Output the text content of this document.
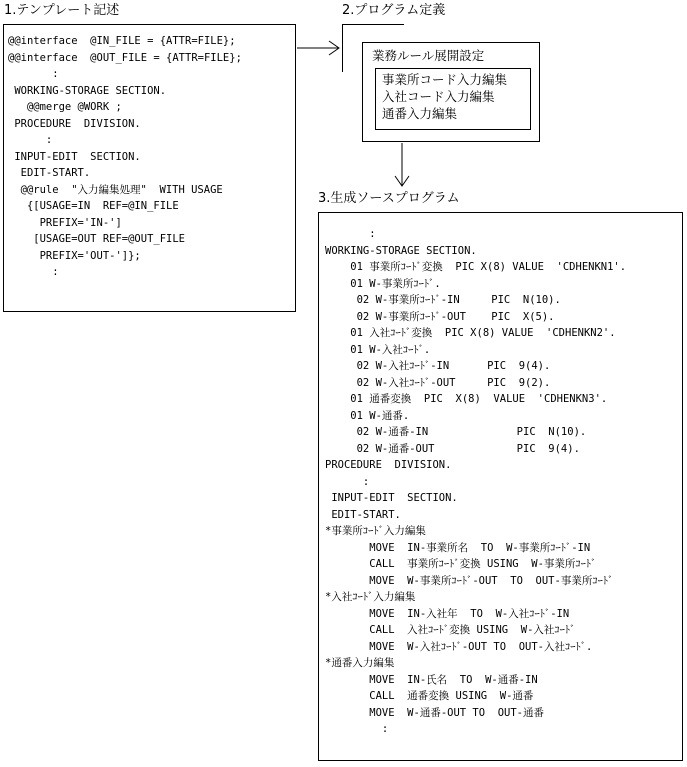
1.テンプレート記述
@@interface  @IN_FILE = {ATTR=FILE};
@@interface  @OUT_FILE = {ATTR=FILE};
:
WORKING-STORAGE SECTION.
@@merge @WORK ;
PROCEDURE  DIVISION.
:
INPUT-EDIT  SECTION.
EDIT-START.
@@rule  "入力編集処理"  WITH USAGE
{[USAGE=IN  REF=@IN_FILE
PREFIX='IN-']
[USAGE=OUT REF=@OUT_FILE
PREFIX='OUT-']};
:
2.プログラム定義
業務ルール展開設定
事業所コード入力編集
入社コード入力編集
通番入力編集
3.生成ソースプログラム
:
WORKING-STORAGE SECTION.
01 事業所ｺｰﾄﾞ変換  PIC X(8) VALUE  'CDHENKN1'.
01 W-事業所ｺｰﾄﾞ.
02 W-事業所ｺｰﾄﾞ-IN     PIC  N(10).
02 W-事業所ｺｰﾄﾞ-OUT    PIC  X(5).
01 入社ｺｰﾄﾞ変換  PIC X(8) VALUE  'CDHENKN2'.
01 W-入社ｺｰﾄﾞ.
02 W-入社ｺｰﾄﾞ-IN      PIC  9(4).
02 W-入社ｺｰﾄﾞ-OUT     PIC  9(2).
01 通番変換  PIC  X(8)  VALUE  'CDHENKN3'.
01 W-通番.
02 W-通番-IN              PIC  N(10).
02 W-通番-OUT             PIC  9(4).
PROCEDURE  DIVISION.
:
INPUT-EDIT  SECTION.
EDIT-START.
*事業所ｺｰﾄﾞ入力編集
MOVE  IN-事業所名  TO  W-事業所ｺｰﾄﾞ-IN
CALL  事業所ｺｰﾄﾞ変換 USING  W-事業所ｺｰﾄﾞ
MOVE  W-事業所ｺｰﾄﾞ-OUT  TO  OUT-事業所ｺｰﾄﾞ
*入社ｺｰﾄﾞ入力編集
MOVE  IN-入社年  TO  W-入社ｺｰﾄﾞ-IN
CALL  入社ｺｰﾄﾞ変換 USING  W-入社ｺｰﾄﾞ
MOVE  W-入社ｺｰﾄﾞ-OUT TO  OUT-入社ｺｰﾄﾞ.
*通番入力編集
MOVE  IN-氏名  TO  W-通番-IN
CALL  通番変換 USING  W-通番
MOVE  W-通番-OUT TO  OUT-通番
:
